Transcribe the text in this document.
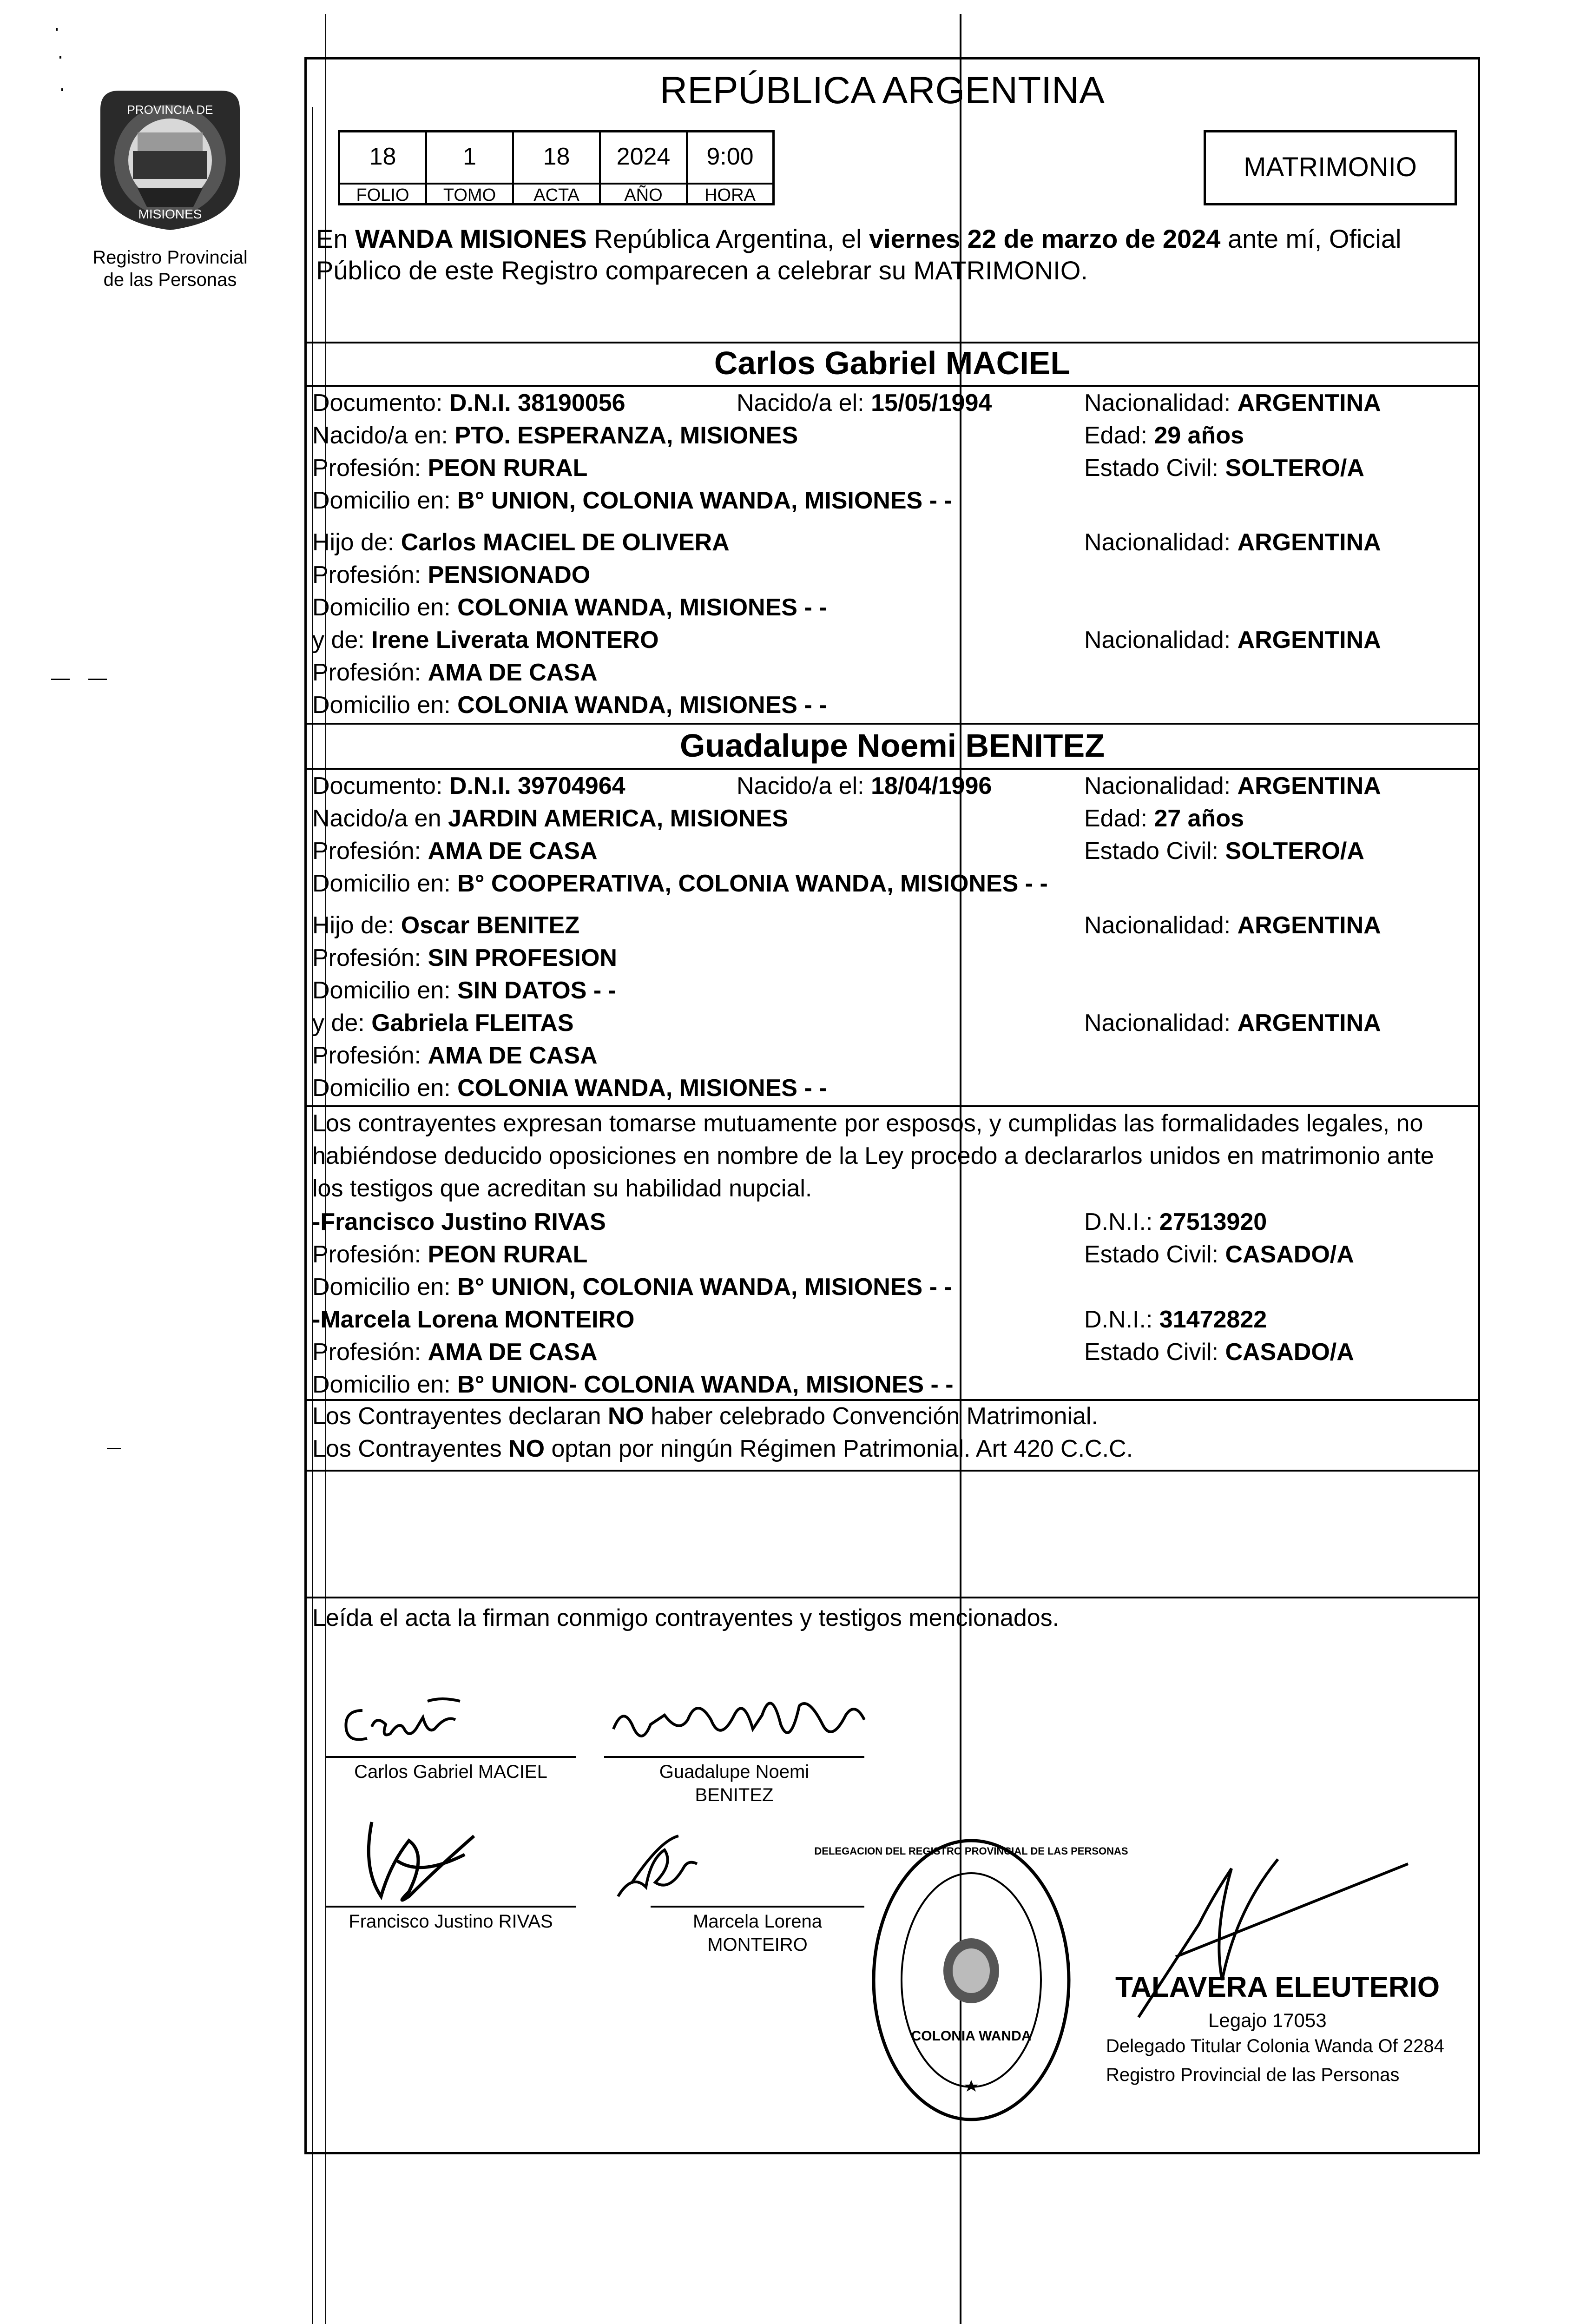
PROVINCIA DE
MISIONES
Registro Provincial
de las Personas
REPÚBLICA ARGENTINA
18	1	18	2024	9:00
FOLIO	TOMO	ACTA	AÑO	HORA
MATRIMONIO
En WANDA MISIONES República Argentina, el viernes 22 de marzo de 2024 ante mí, Oficial
Público de este Registro comparecen a celebrar su MATRIMONIO.
Carlos Gabriel MACIEL
Documento: D.N.I. 38190056	Nacido/a el: 15/05/1994	Nacionalidad: ARGENTINA
Nacido/a en: PTO. ESPERANZA, MISIONES	Edad: 29 años
Profesión: PEON RURAL	Estado Civil: SOLTERO/A
Domicilio en: B° UNION, COLONIA WANDA, MISIONES - -
Hijo de: Carlos MACIEL DE OLIVERA	Nacionalidad: ARGENTINA
Profesión: PENSIONADO
Domicilio en: COLONIA WANDA, MISIONES - -
y de: Irene Liverata MONTERO	Nacionalidad: ARGENTINA
Profesión: AMA DE CASA
Domicilio en: COLONIA WANDA, MISIONES - -
Guadalupe Noemi BENITEZ
Documento: D.N.I. 39704964	Nacido/a el: 18/04/1996	Nacionalidad: ARGENTINA
Nacido/a en JARDIN AMERICA, MISIONES	Edad: 27 años
Profesión: AMA DE CASA	Estado Civil: SOLTERO/A
Domicilio en: B° COOPERATIVA, COLONIA WANDA, MISIONES - -
Hijo de: Oscar BENITEZ	Nacionalidad: ARGENTINA
Profesión: SIN PROFESION
Domicilio en: SIN DATOS - -
y de: Gabriela FLEITAS	Nacionalidad: ARGENTINA
Profesión: AMA DE CASA
Domicilio en: COLONIA WANDA, MISIONES - -
Los contrayentes expresan tomarse mutuamente por esposos, y cumplidas las formalidades legales, no
habiéndose deducido oposiciones en nombre de la Ley procedo a declararlos unidos en matrimonio ante
los testigos que acreditan su habilidad nupcial.
-Francisco Justino RIVAS	D.N.I.: 27513920
Profesión: PEON RURAL	Estado Civil: CASADO/A
Domicilio en: B° UNION, COLONIA WANDA, MISIONES - -
-Marcela Lorena MONTEIRO	D.N.I.: 31472822
Profesión: AMA DE CASA	Estado Civil: CASADO/A
Domicilio en: B° UNION- COLONIA WANDA, MISIONES - -
Los Contrayentes declaran NO haber celebrado Convención Matrimonial.
Los Contrayentes NO optan por ningún Régimen Patrimonial. Art 420 C.C.C.
Leída el acta la firman conmigo contrayentes y testigos mencionados.
Carlos Gabriel MACIEL	Guadalupe Noemi
BENITEZ
Francisco Justino RIVAS	Marcela Lorena
MONTEIRO
DELEGACION DEL REGISTRO PROVINCIAL DE LAS PERSONAS
COLONIA WANDA
TALAVERA ELEUTERIO
Legajo 17053
Delegado Titular Colonia Wanda Of 2284
Registro Provincial de las Personas
